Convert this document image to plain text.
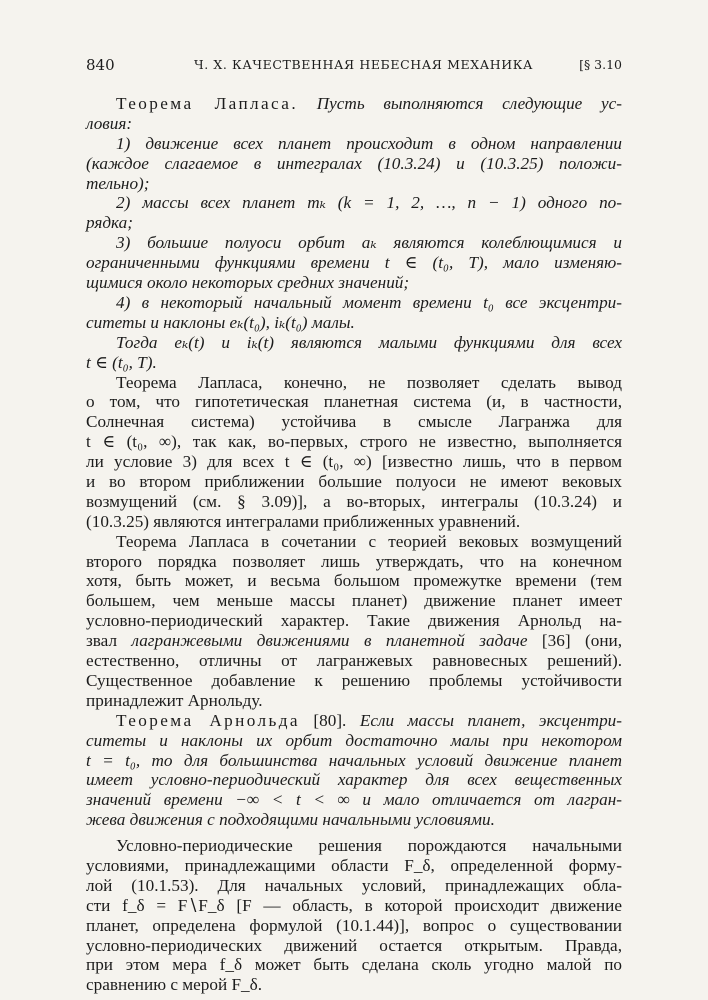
840	Ч. X. КАЧЕСТВЕННАЯ НЕБЕСНАЯ МЕХАНИКА	[§ 3.10
Теорема Лапласа. Пусть выполняются следующие ус-
ловия:
1) движение всех планет происходит в одном направлении
(каждое слагаемое в интегралах (10.3.24) и (10.3.25) положи-
тельно);
2) массы всех планет mₖ (k = 1, 2, …, n − 1) одного по-
рядка;
3) большие полуоси орбит aₖ являются колеблющимися и
ограниченными функциями времени t ∈ (t₀, T), мало изменяю-
щимися около некоторых средних значений;
4) в некоторый начальный момент времени t₀ все эксцентри-
ситеты и наклоны eₖ(t₀), iₖ(t₀) малы.
Тогда eₖ(t) и iₖ(t) являются малыми функциями для всех
t ∈ (t₀, T).
Теорема Лапласа, конечно, не позволяет сделать вывод
о том, что гипотетическая планетная система (и, в частности,
Солнечная система) устойчива в смысле Лагранжа для
t ∈ (t₀, ∞), так как, во-первых, строго не известно, выполняется
ли условие 3) для всех t ∈ (t₀, ∞) [известно лишь, что в первом
и во втором приближении большие полуоси не имеют вековых
возмущений (см. § 3.09)], а во-вторых, интегралы (10.3.24) и
(10.3.25) являются интегралами приближенных уравнений.
Теорема Лапласа в сочетании с теорией вековых возмущений
второго порядка позволяет лишь утверждать, что на конечном
хотя, быть может, и весьма большом промежутке времени (тем
большем, чем меньше массы планет) движение планет имеет
условно-периодический характер. Такие движения Арнольд на-
звал лагранжевыми движениями в планетной задаче [36] (они,
естественно, отличны от лагранжевых равновесных решений).
Существенное добавление к решению проблемы устойчивости
принадлежит Арнольду.
Теорема Арнольда [80]. Если массы планет, эксцентри-
ситеты и наклоны их орбит достаточно малы при некотором
t = t₀, то для большинства начальных условий движение планет
имеет условно-периодический характер для всех вещественных
значений времени −∞ < t < ∞ и мало отличается от лагран-
жева движения с подходящими начальными условиями.
Условно-периодические решения порождаются начальными
условиями, принадлежащими области F_δ, определенной форму-
лой (10.1.53). Для начальных условий, принадлежащих обла-
сти f_δ = F∖F_δ [F — область, в которой происходит движение
планет, определена формулой (10.1.44)], вопрос о существовании
условно-периодических движений остается открытым. Правда,
при этом мера f_δ может быть сделана сколь угодно малой по
сравнению с мерой F_δ.
